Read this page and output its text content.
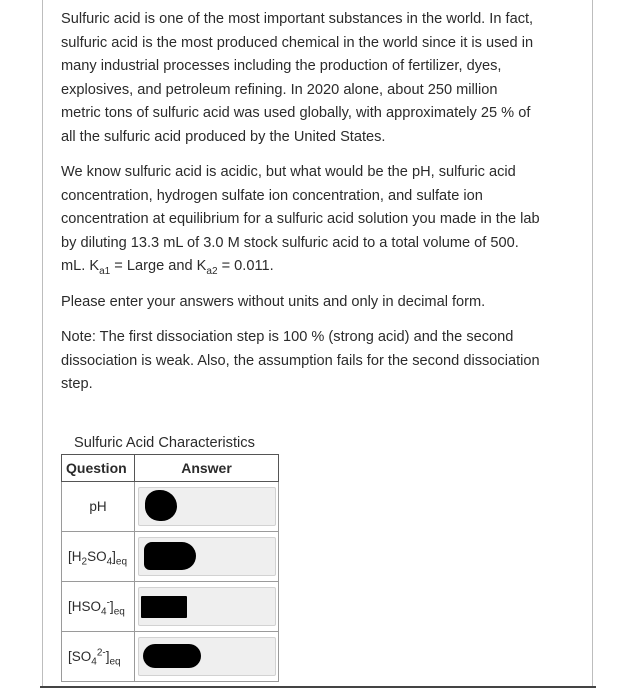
Sulfuric acid is one of the most important substances in the world. In fact, sulfuric acid is the most produced chemical in the world since it is used in many industrial processes including the production of fertilizer, dyes, explosives, and petroleum refining. In 2020 alone, about 250 million metric tons of sulfuric acid was used globally, with approximately 25 % of all the sulfuric acid produced by the United States.

We know sulfuric acid is acidic, but what would be the pH, sulfuric acid concentration, hydrogen sulfate ion concentration, and sulfate ion concentration at equilibrium for a sulfuric acid solution you made in the lab by diluting 13.3 mL of 3.0 M stock sulfuric acid to a total volume of 500. mL. $K_{a1}$ = Large and $K_{a2} = 0.011$.

Please enter your answers without units and only in decimal form.

Note: The first dissociation step is 100 % (strong acid) and the second dissociation is weak. Also, the assumption fails for the second dissociation step.

Sulfuric Acid Characteristics
Question	Answer

pH	

$[H_2SO_4]_{eq}$

$[HSO_4^-]_{eq}$

$[SO_4^{2-}]_{eq}$
